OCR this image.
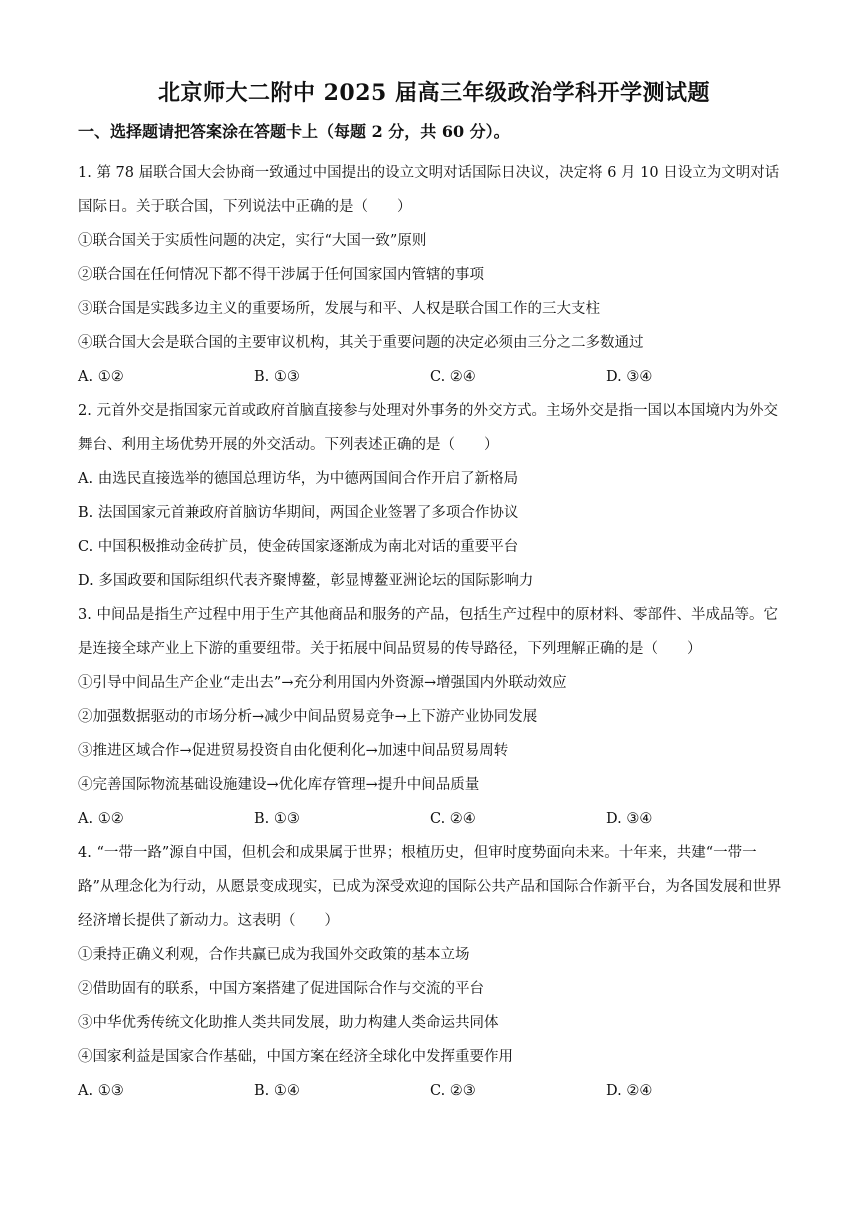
北京师大二附中 2025 届高三年级政治学科开学测试题
一、选择题请把答案涂在答题卡上（每题 2 分，共 60 分）。

1. 第 78 届联合国大会协商一致通过中国提出的设立文明对话国际日决议，决定将 6 月 10 日设立为文明对话国际日。关于联合国，下列说法中正确的是（　　）

①联合国关于实质性问题的决定，实行“大国一致”原则

②联合国在任何情况下都不得干涉属于任何国家国内管辖的事项

③联合国是实践多边主义的重要场所，发展与和平、人权是联合国工作的三大支柱

④联合国大会是联合国的主要审议机构，其关于重要问题的决定必须由三分之二多数通过

A. ①②	B. ①③	C. ②④	D. ③④

2. 元首外交是指国家元首或政府首脑直接参与处理对外事务的外交方式。主场外交是指一国以本国境内为外交舞台、利用主场优势开展的外交活动。下列表述正确的是（　　）

A. 由选民直接选举的德国总理访华，为中德两国间合作开启了新格局

B. 法国国家元首兼政府首脑访华期间，两国企业签署了多项合作协议

C. 中国积极推动金砖扩员，使金砖国家逐渐成为南北对话的重要平台

D. 多国政要和国际组织代表齐聚博鳌，彰显博鳌亚洲论坛的国际影响力

3. 中间品是指生产过程中用于生产其他商品和服务的产品，包括生产过程中的原材料、零部件、半成品等。它是连接全球产业上下游的重要纽带。关于拓展中间品贸易的传导路径，下列理解正确的是（　　）

①引导中间品生产企业“走出去”→充分利用国内外资源→增强国内外联动效应

②加强数据驱动的市场分析→减少中间品贸易竞争→上下游产业协同发展

③推进区域合作→促进贸易投资自由化便利化→加速中间品贸易周转

④完善国际物流基础设施建设→优化库存管理→提升中间品质量

A. ①②	B. ①③	C. ②④	D. ③④

4. “一带一路”源自中国，但机会和成果属于世界；根植历史，但审时度势面向未来。十年来，共建“一带一路”从理念化为行动，从愿景变成现实，已成为深受欢迎的国际公共产品和国际合作新平台，为各国发展和世界经济增长提供了新动力。这表明（　　）

①秉持正确义利观，合作共赢已成为我国外交政策的基本立场

②借助固有的联系，中国方案搭建了促进国际合作与交流的平台

③中华优秀传统文化助推人类共同发展，助力构建人类命运共同体

④国家利益是国家合作基础，中国方案在经济全球化中发挥重要作用

A. ①③	B. ①④	C. ②③	D. ②④
